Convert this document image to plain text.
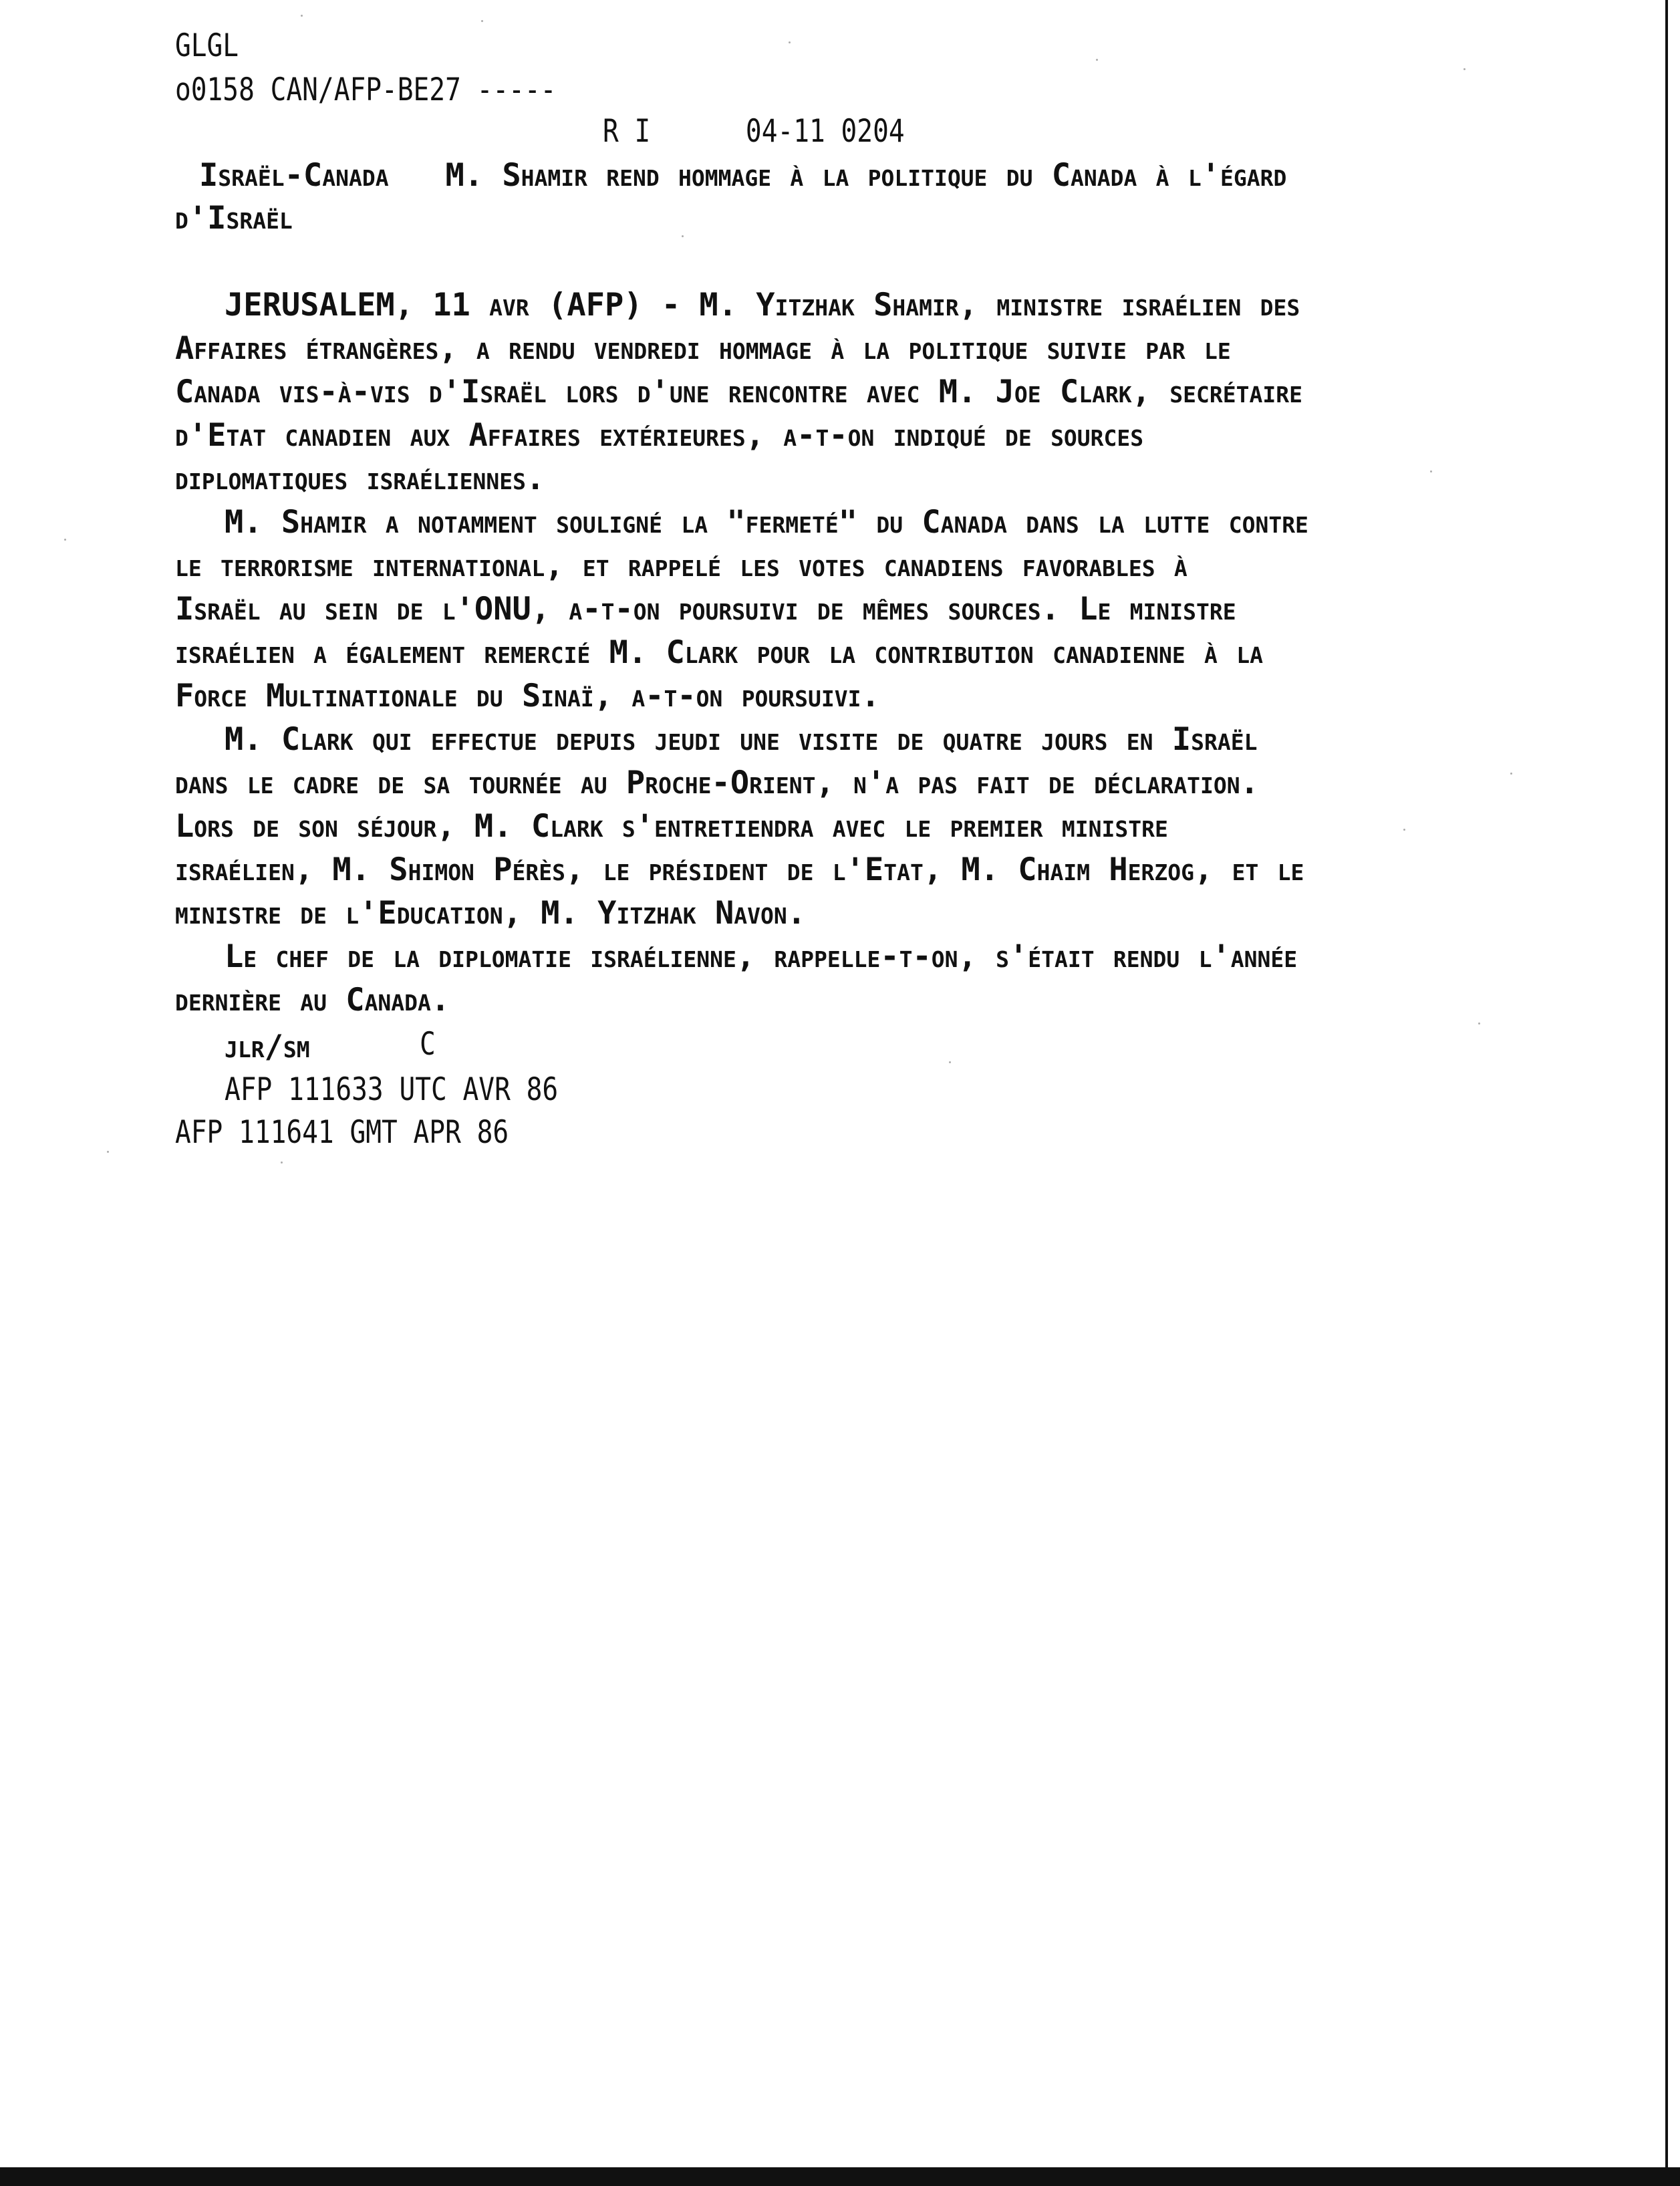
GLGL
o0158 CAN/AFP-BE27 -----
R I      04-11 0204
Israël-Canada   M. Shamir rend hommage à la politique du Canada à l'égard
d'Israël
JERUSALEM, 11 avr (AFP) - M. Yitzhak Shamir, ministre israélien des
Affaires étrangères, a rendu vendredi hommage à la politique suivie par le
Canada vis-à-vis d'Israël lors d'une rencontre avec M. Joe Clark, secrétaire
d'Etat canadien aux Affaires extérieures, a-t-on indiqué de sources
diplomatiques israéliennes.
M. Shamir a notamment souligné la "fermeté" du Canada dans la lutte contre
le terrorisme international, et rappelé les votes canadiens favorables à
Israël au sein de l'ONU, a-t-on poursuivi de mêmes sources. Le ministre
israélien a également remercié M. Clark pour la contribution canadienne à la
Force Multinationale du Sinaï, a-t-on poursuivi.
M. Clark qui effectue depuis jeudi une visite de quatre jours en Israël
dans le cadre de sa tournée au Proche-Orient, n'a pas fait de déclaration.
Lors de son séjour, M. Clark s'entretiendra avec le premier ministre
israélien, M. Shimon Pérès, le président de l'Etat, M. Chaim Herzog, et le
ministre de l'Education, M. Yitzhak Navon.
Le chef de la diplomatie israélienne, rappelle-t-on, s'était rendu l'année
dernière au Canada.
jlr/sm	C
AFP 111633 UTC AVR 86
AFP 111641 GMT APR 86
